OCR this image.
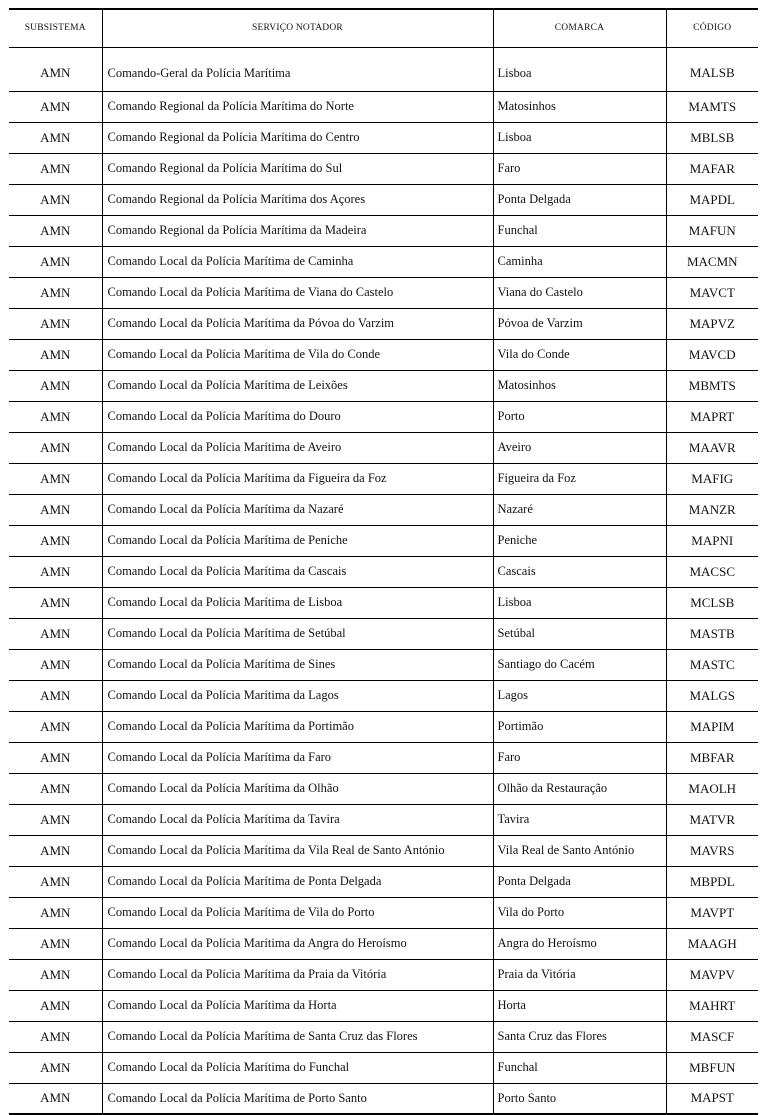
SUBSISTEMA	SERVIÇO NOTADOR	COMARCA	CÓDIGO
AMN	Comando-Geral da Polícia Marítima	Lisboa	MALSB
AMN	Comando Regional da Polícia Marítima do Norte	Matosinhos	MAMTS
AMN	Comando Regional da Polícia Marítima do Centro	Lisboa	MBLSB
AMN	Comando Regional da Polícia Marítima do Sul	Faro	MAFAR
AMN	Comando Regional da Polícia Marítima dos Açores	Ponta Delgada	MAPDL
AMN	Comando Regional da Polícia Marítima da Madeira	Funchal	MAFUN
AMN	Comando Local da Polícia Marítima de Caminha	Caminha	MACMN
AMN	Comando Local da Polícia Marítima de Viana do Castelo	Viana do Castelo	MAVCT
AMN	Comando Local da Polícia Marítima da Póvoa do Varzim	Póvoa de Varzim	MAPVZ
AMN	Comando Local da Polícia Marítima de Vila do Conde	Vila do Conde	MAVCD
AMN	Comando Local da Polícia Marítima de Leixões	Matosinhos	MBMTS
AMN	Comando Local da Polícia Marítima do Douro	Porto	MAPRT
AMN	Comando Local da Polícia Marítima de Aveiro	Aveiro	MAAVR
AMN	Comando Local da Polícia Marítima da Figueira da Foz	Figueira da Foz	MAFIG
AMN	Comando Local da Polícia Marítima da Nazaré	Nazaré	MANZR
AMN	Comando Local da Polícia Marítima de Peniche	Peniche	MAPNI
AMN	Comando Local da Polícia Marítima da Cascais	Cascais	MACSC
AMN	Comando Local da Polícia Marítima de Lisboa	Lisboa	MCLSB
AMN	Comando Local da Polícia Marítima de Setúbal	Setúbal	MASTB
AMN	Comando Local da Polícia Marítima de Sines	Santiago do Cacém	MASTC
AMN	Comando Local da Polícia Marítima da Lagos	Lagos	MALGS
AMN	Comando Local da Polícia Marítima da Portimão	Portimão	MAPIM
AMN	Comando Local da Polícia Marítima da Faro	Faro	MBFAR
AMN	Comando Local da Polícia Marítima da Olhão	Olhão da Restauração	MAOLH
AMN	Comando Local da Polícia Marítima da Tavira	Tavira	MATVR
AMN	Comando Local da Polícia Marítima da Vila Real de Santo António	Vila Real de Santo António	MAVRS
AMN	Comando Local da Polícia Marítima de Ponta Delgada	Ponta Delgada	MBPDL
AMN	Comando Local da Polícia Marítima de Vila do Porto	Vila do Porto	MAVPT
AMN	Comando Local da Polícia Marítima da Angra do Heroísmo	Angra do Heroísmo	MAAGH
AMN	Comando Local da Polícia Marítima da Praia da Vitória	Praia da Vitória	MAVPV
AMN	Comando Local da Polícia Marítima da Horta	Horta	MAHRT
AMN	Comando Local da Polícia Marítima de Santa Cruz das Flores	Santa Cruz das Flores	MASCF
AMN	Comando Local da Polícia Marítima do Funchal	Funchal	MBFUN
AMN	Comando Local da Polícia Marítima de Porto Santo	Porto Santo	MAPST
